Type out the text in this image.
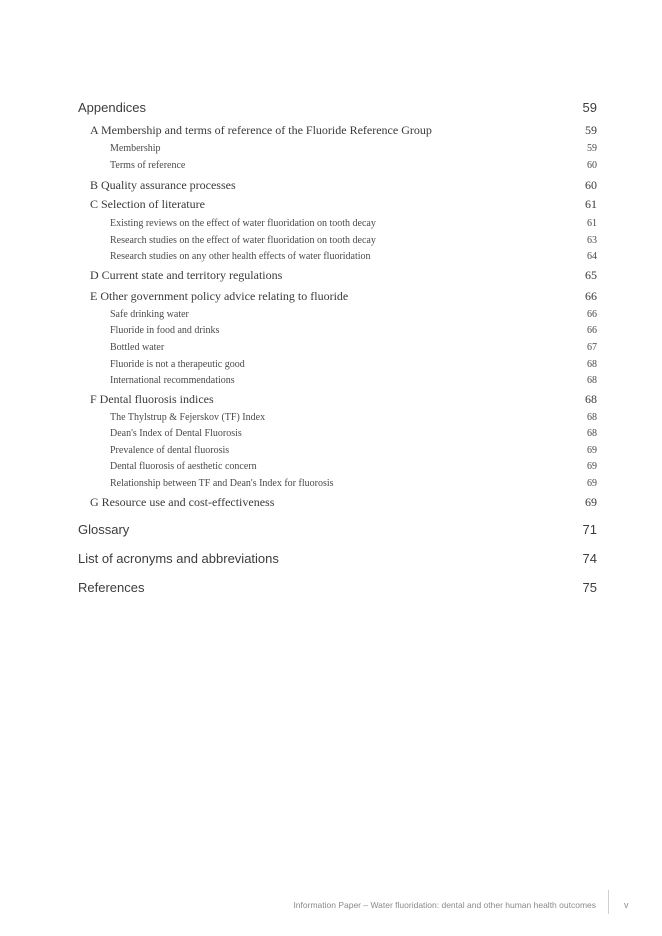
Appendices	59
A Membership and terms of reference of the Fluoride Reference Group	59
Membership	59
Terms of reference	60
B Quality assurance processes	60
C Selection of literature	61
Existing reviews on the effect of water fluoridation on tooth decay	61
Research studies on the effect of water fluoridation on tooth decay	63
Research studies on any other health effects of water fluoridation	64
D Current state and territory regulations	65
E Other government policy advice relating to fluoride	66
Safe drinking water	66
Fluoride in food and drinks	66
Bottled water	67
Fluoride is not a therapeutic good	68
International recommendations	68
F Dental fluorosis indices	68
The Thylstrup & Fejerskov (TF) Index	68
Dean's Index of Dental Fluorosis	68
Prevalence of dental fluorosis	69
Dental fluorosis of aesthetic concern	69
Relationship between TF and Dean's Index for fluorosis	69
G Resource use and cost-effectiveness	69
Glossary	71
List of acronyms and abbreviations	74
References	75
Information Paper – Water fluoridation: dental and other human health outcomes	v
